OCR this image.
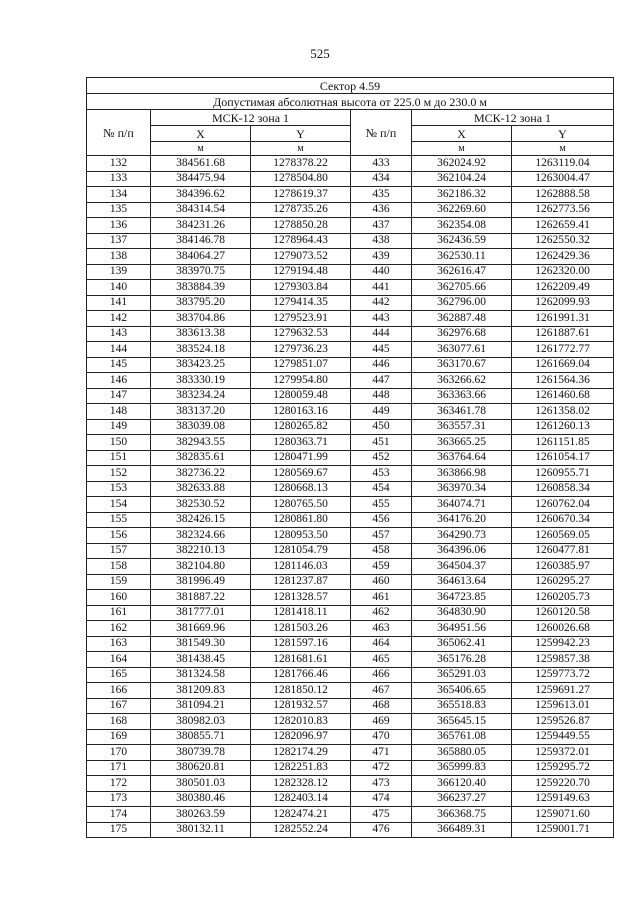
525
Сектор 4.59					
Допустимая абсолютная высота от 225.0 м до 230.0 м					
№ п/п	МСК-12 зона 1		№ п/п	МСК-12 зона 1	
	X	Y		X	Y
	м	м		м	м
132	384561.68	1278378.22	433	362024.92	1263119.04
133	384475.94	1278504.80	434	362104.24	1263004.47
134	384396.62	1278619.37	435	362186.32	1262888.58
135	384314.54	1278735.26	436	362269.60	1262773.56
136	384231.26	1278850.28	437	362354.08	1262659.41
137	384146.78	1278964.43	438	362436.59	1262550.32
138	384064.27	1279073.52	439	362530.11	1262429.36
139	383970.75	1279194.48	440	362616.47	1262320.00
140	383884.39	1279303.84	441	362705.66	1262209.49
141	383795.20	1279414.35	442	362796.00	1262099.93
142	383704.86	1279523.91	443	362887.48	1261991.31
143	383613.38	1279632.53	444	362976.68	1261887.61
144	383524.18	1279736.23	445	363077.61	1261772.77
145	383423.25	1279851.07	446	363170.67	1261669.04
146	383330.19	1279954.80	447	363266.62	1261564.36
147	383234.24	1280059.48	448	363363.66	1261460.68
148	383137.20	1280163.16	449	363461.78	1261358.02
149	383039.08	1280265.82	450	363557.31	1261260.13
150	382943.55	1280363.71	451	363665.25	1261151.85
151	382835.61	1280471.99	452	363764.64	1261054.17
152	382736.22	1280569.67	453	363866.98	1260955.71
153	382633.88	1280668.13	454	363970.34	1260858.34
154	382530.52	1280765.50	455	364074.71	1260762.04
155	382426.15	1280861.80	456	364176.20	1260670.34
156	382324.66	1280953.50	457	364290.73	1260569.05
157	382210.13	1281054.79	458	364396.06	1260477.81
158	382104.80	1281146.03	459	364504.37	1260385.97
159	381996.49	1281237.87	460	364613.64	1260295.27
160	381887.22	1281328.57	461	364723.85	1260205.73
161	381777.01	1281418.11	462	364830.90	1260120.58
162	381669.96	1281503.26	463	364951.56	1260026.68
163	381549.30	1281597.16	464	365062.41	1259942.23
164	381438.45	1281681.61	465	365176.28	1259857.38
165	381324.58	1281766.46	466	365291.03	1259773.72
166	381209.83	1281850.12	467	365406.65	1259691.27
167	381094.21	1281932.57	468	365518.83	1259613.01
168	380982.03	1282010.83	469	365645.15	1259526.87
169	380855.71	1282096.97	470	365761.08	1259449.55
170	380739.78	1282174.29	471	365880.05	1259372.01
171	380620.81	1282251.83	472	365999.83	1259295.72
172	380501.03	1282328.12	473	366120.40	1259220.70
173	380380.46	1282403.14	474	366237.27	1259149.63
174	380263.59	1282474.21	475	366368.75	1259071.60
175	380132.11	1282552.24	476	366489.31	1259001.71
